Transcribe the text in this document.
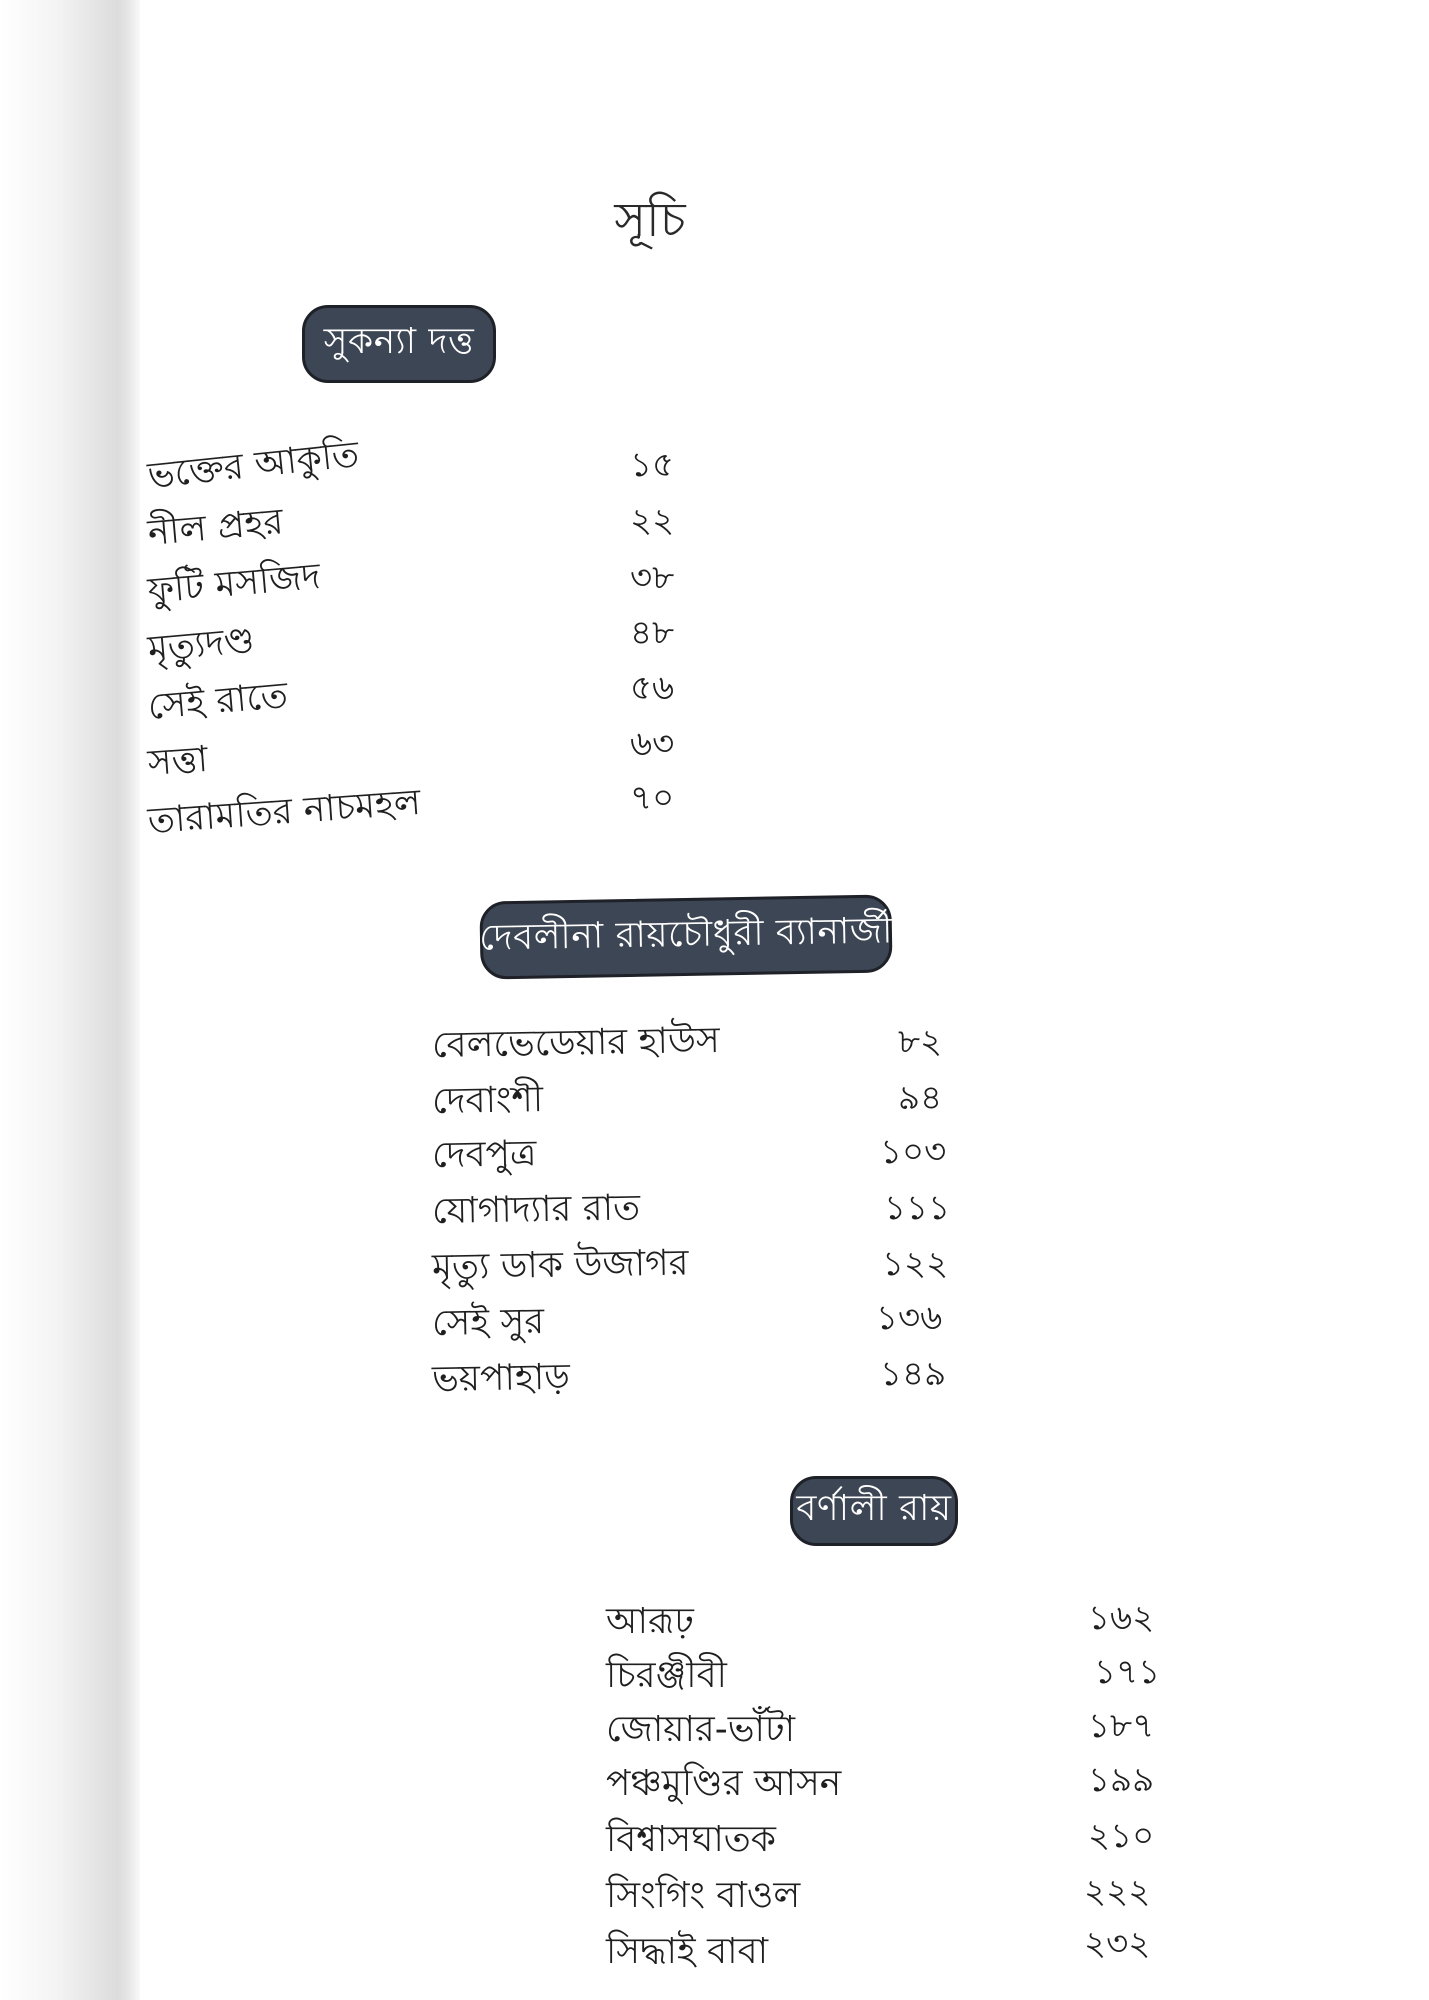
সূচি
সুকন্যা দত্ত
ভক্তের আকুতি	১৫
নীল প্রহর	২২
ফুটি মসজিদ	৩৮
মৃত্যুদণ্ড	৪৮
সেই রাতে	৫৬
সত্তা	৬৩
তারামতির নাচমহল	৭০
দেবলীনা রায়চৌধুরী ব্যানার্জী
বেলভেডেয়ার হাউস	৮২
দেবাংশী	৯৪
দেবপুত্র	১০৩
যোগাদ্যার রাত	১১১
মৃত্যু ডাক উজাগর	১২২
সেই সুর	১৩৬
ভয়পাহাড়	১৪৯
বর্ণালী রায়
আরূঢ়	১৬২
চিরঞ্জীবী	১৭১
জোয়ার-ভাঁটা	১৮৭
পঞ্চমুণ্ডির আসন	১৯৯
বিশ্বাসঘাতক	২১০
সিংগিং বাওল	২২২
সিদ্ধাই বাবা	২৩২
